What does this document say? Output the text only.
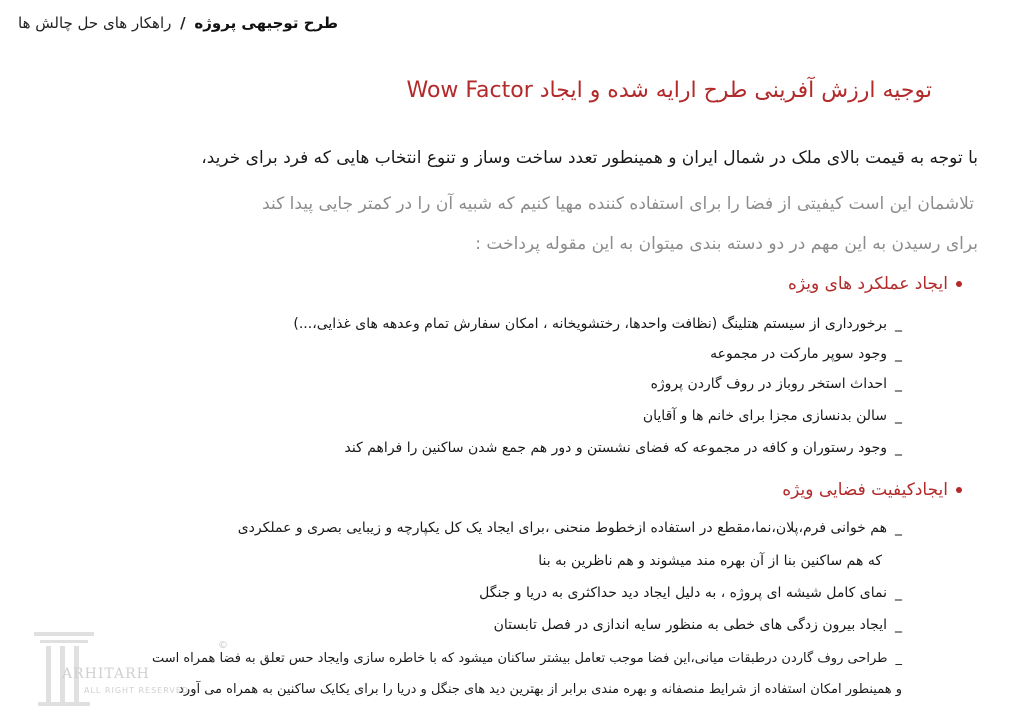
طرح توجیهی پروژه / راهکار های حل چالش ها
توجیه ارزش آفرینی طرح ارایه شده و ایجاد Wow Factor
با توجه به قیمت بالای ملک در شمال ایران و همینطور تعدد ساخت وساز و تنوع انتخاب هایی که فرد برای خرید،
تلاشمان این است کیفیتی از فضا را برای استفاده کننده مهیا کنیم که شبیه آن را در کمتر جایی پیدا کند
برای رسیدن به این مهم در دو دسته بندی میتوان به این مقوله پرداخت :
ایجاد عملکرد های ویژه
_برخورداری از سیستم هتلینگ (نظافت واحدها، رختشویخانه ، امکان سفارش تمام وعدهه های غذایی،...)
_وجود سوپر مارکت در مجموعه
_احداث استخر روباز در روف گاردن پروژه
_سالن بدنسازی مجزا برای خانم ها و آقایان
_وجود رستوران و کافه در مجموعه که فضای نشستن و دور هم جمع شدن ساکنین را فراهم کند
ایجادکیفیت فضایی ویژه
_هم خوانی فرم،پلان،نما،مقطع در استفاده ازخطوط منحنی ،برای ایجاد یک کل یکپارچه و زیبایی بصری و عملکردی
که هم ساکنین بنا از آن بهره مند میشوند و هم ناظرین به بنا
_نمای کامل شیشه ای پروژه ، به دلیل ایجاد دید حداکثری به دریا و جنگل
_ایجاد بیرون زدگی های خطی به منظور سایه اندازی در فصل تابستان
_طراحی روف گاردن درطبقات میانی،این فضا موجب تعامل بیشتر ساکنان میشود که با خاطره سازی وایجاد حس تعلق به فضا همراه است
و همینطور امکان استفاده از شرایط منصفانه و بهره مندی برابر از بهترین دید های جنگل و دریا را برای یکایک ساکنین به همراه می آورد
ARHITARH
ALL RIGHT RESERVED
©
